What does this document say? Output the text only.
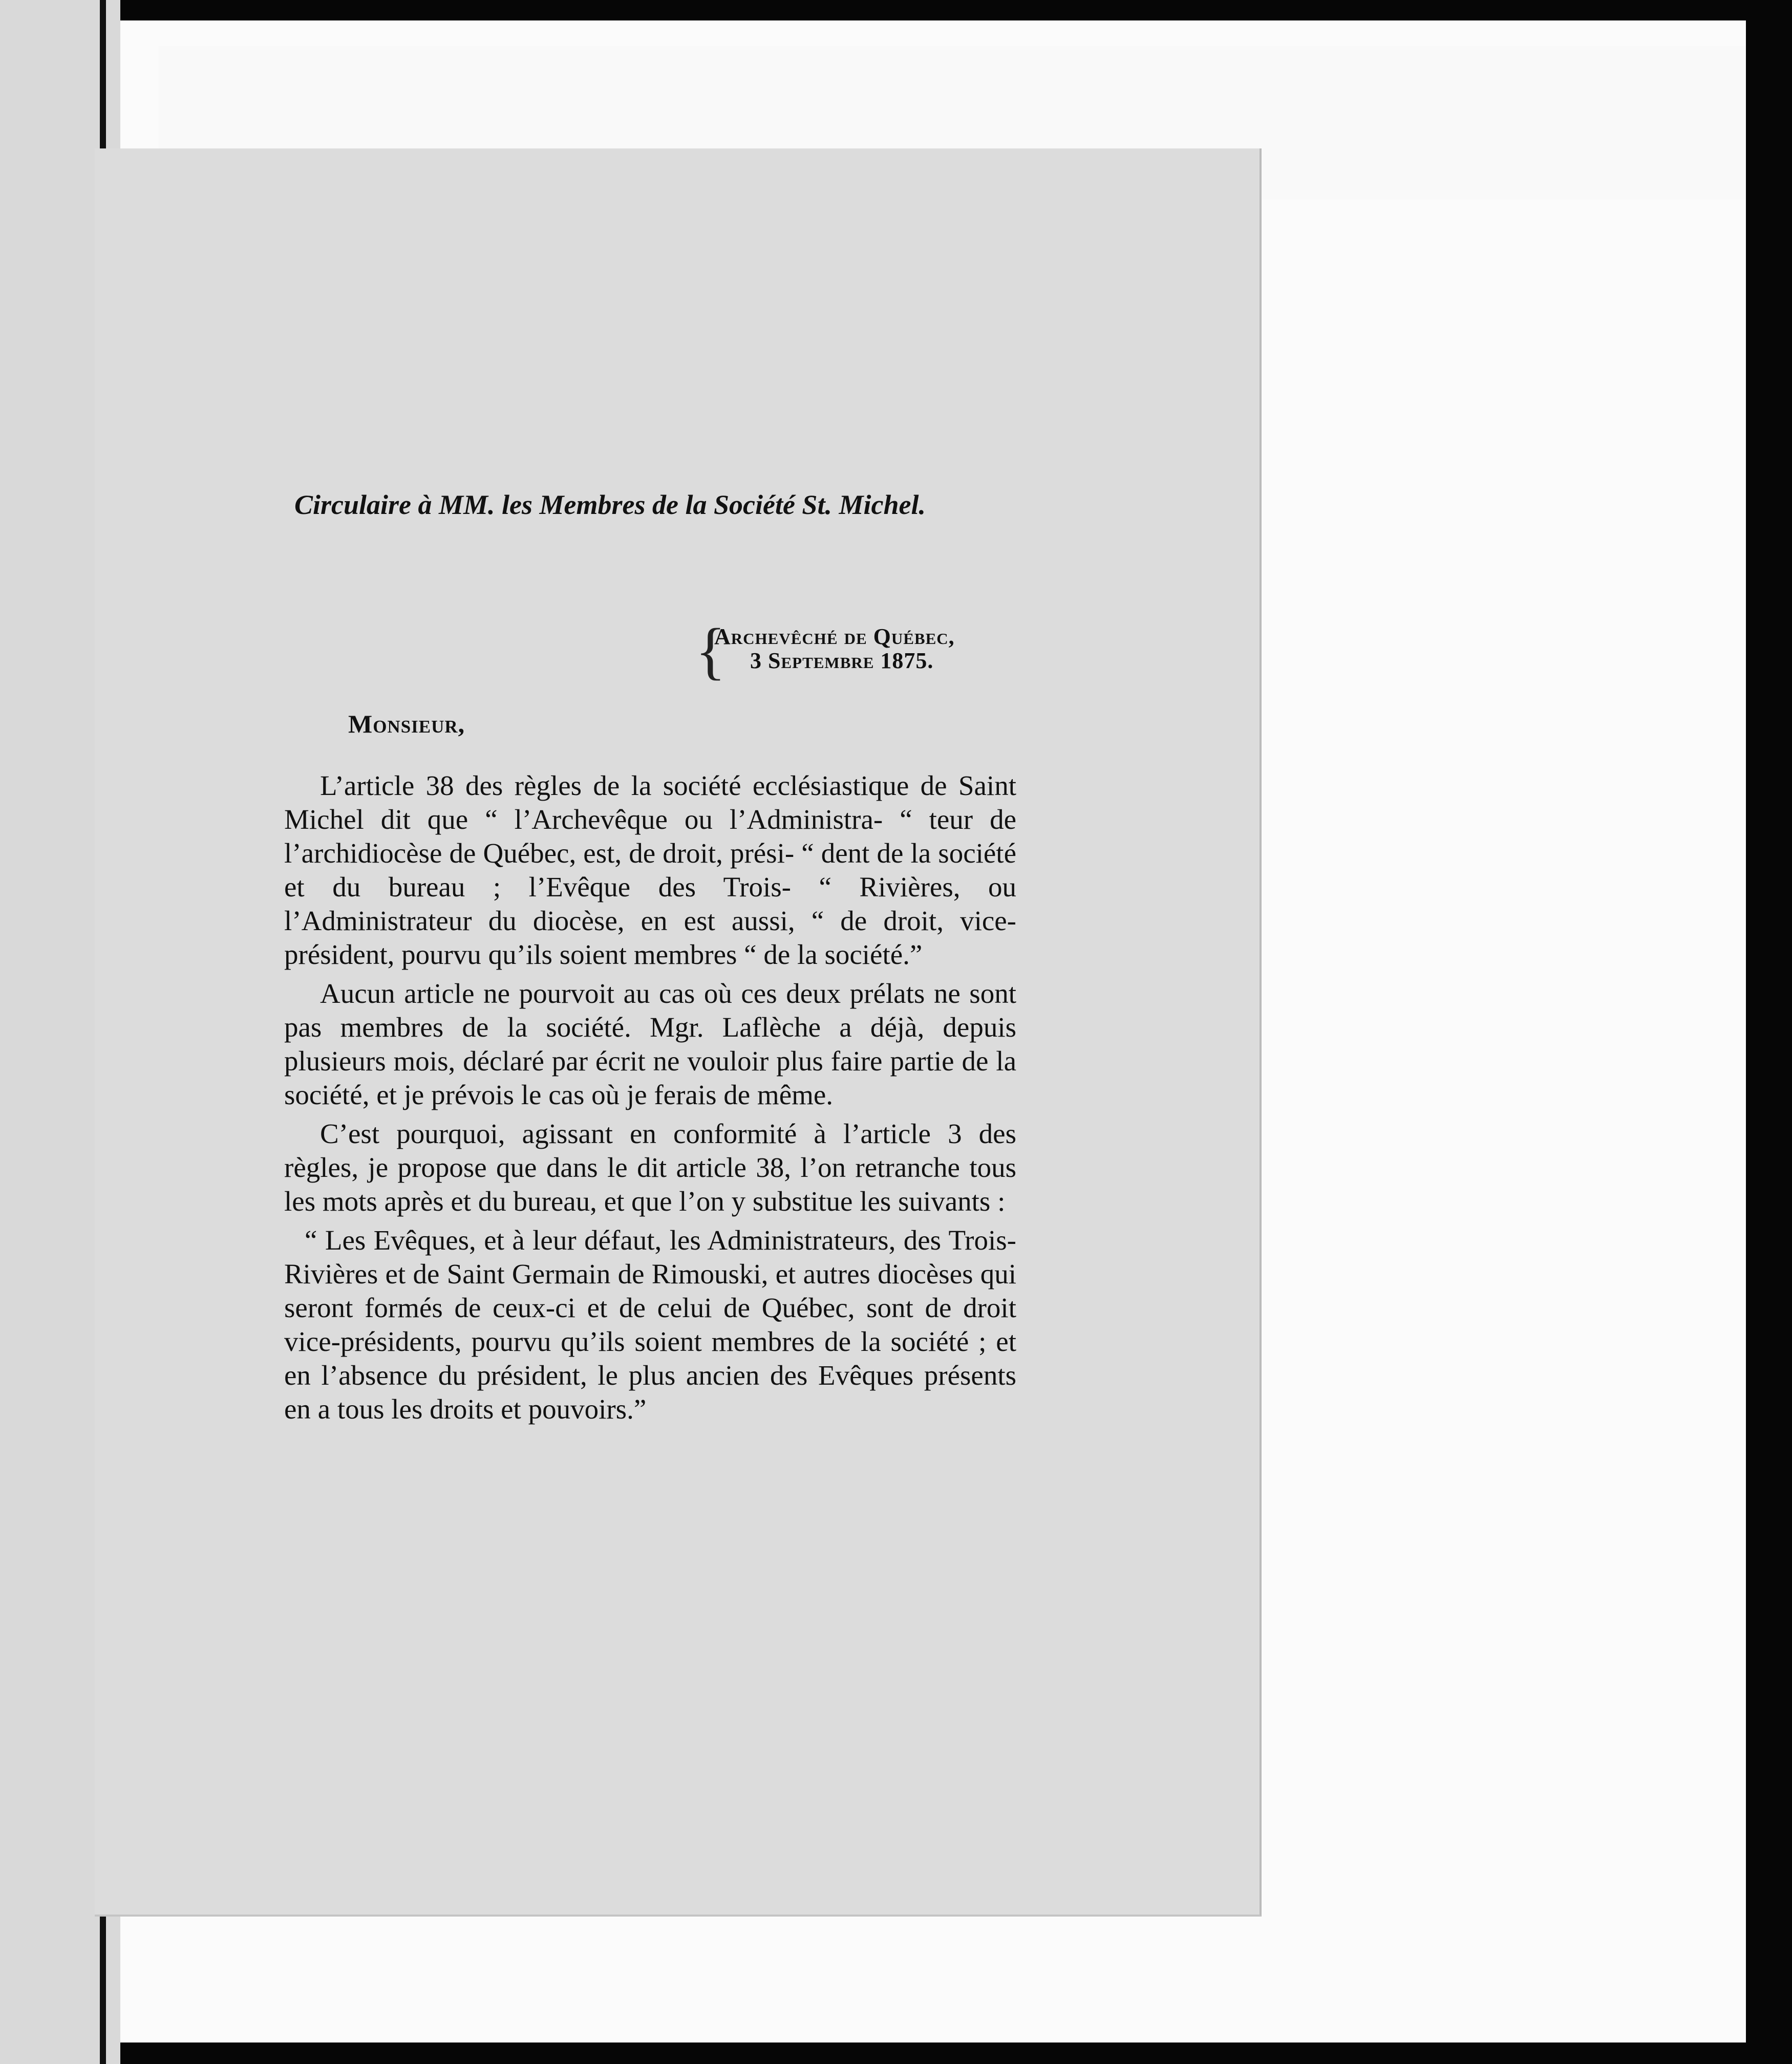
Circulaire à MM. les Membres de la Société St. Michel.
{
Archevêché de Québec,
3 Septembre 1875.
Monsieur,

L’article 38 des règles de la société ecclésiastique de Saint Michel dit que “ l’Archevêque ou l’Administra- “ teur de l’archidiocèse de Québec, est, de droit, prési- “ dent de la société et du bureau ; l’Evêque des Trois- “ Rivières, ou l’Administrateur du diocèse, en est aussi, “ de droit, vice-président, pourvu qu’ils soient membres “ de la société.”

Aucun article ne pourvoit au cas où ces deux prélats ne sont pas membres de la société. Mgr. Laflèche a déjà, depuis plusieurs mois, déclaré par écrit ne vouloir plus faire partie de la société, et je prévois le cas où je ferais de même.

C’est pourquoi, agissant en conformité à l’article 3 des règles, je propose que dans le dit article 38, l’on retranche tous les mots après et du bureau, et que l’on y substitue les suivants :

“ Les Evêques, et à leur défaut, les Administrateurs, des Trois-Rivières et de Saint Germain de Rimouski, et autres diocèses qui seront formés de ceux-ci et de celui de Québec, sont de droit vice-présidents, pourvu qu’ils soient membres de la société ; et en l’absence du président, le plus ancien des Evêques présents en a tous les droits et pouvoirs.”
